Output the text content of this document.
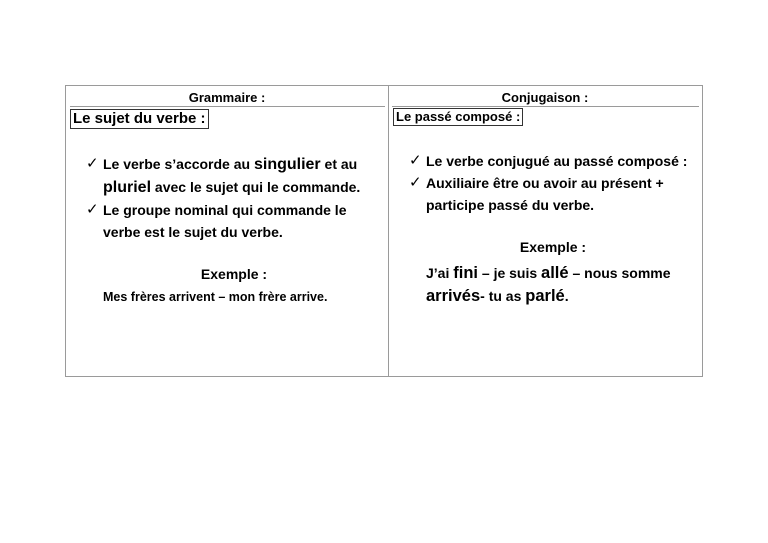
Grammaire :
Le sujet du verbe :
✓ Le verbe s’accorde au singulier et au pluriel avec le sujet qui le commande.
✓ Le groupe nominal qui commande le verbe est le sujet du verbe.
Exemple :
Mes frères arrivent – mon frère arrive.
Conjugaison :
Le passé composé :
✓ Le verbe conjugué au passé composé :
✓ Auxiliaire être ou avoir au présent + participe passé du verbe.
Exemple :
J’ai fini – je suis allé – nous somme arrivés- tu as parlé.
